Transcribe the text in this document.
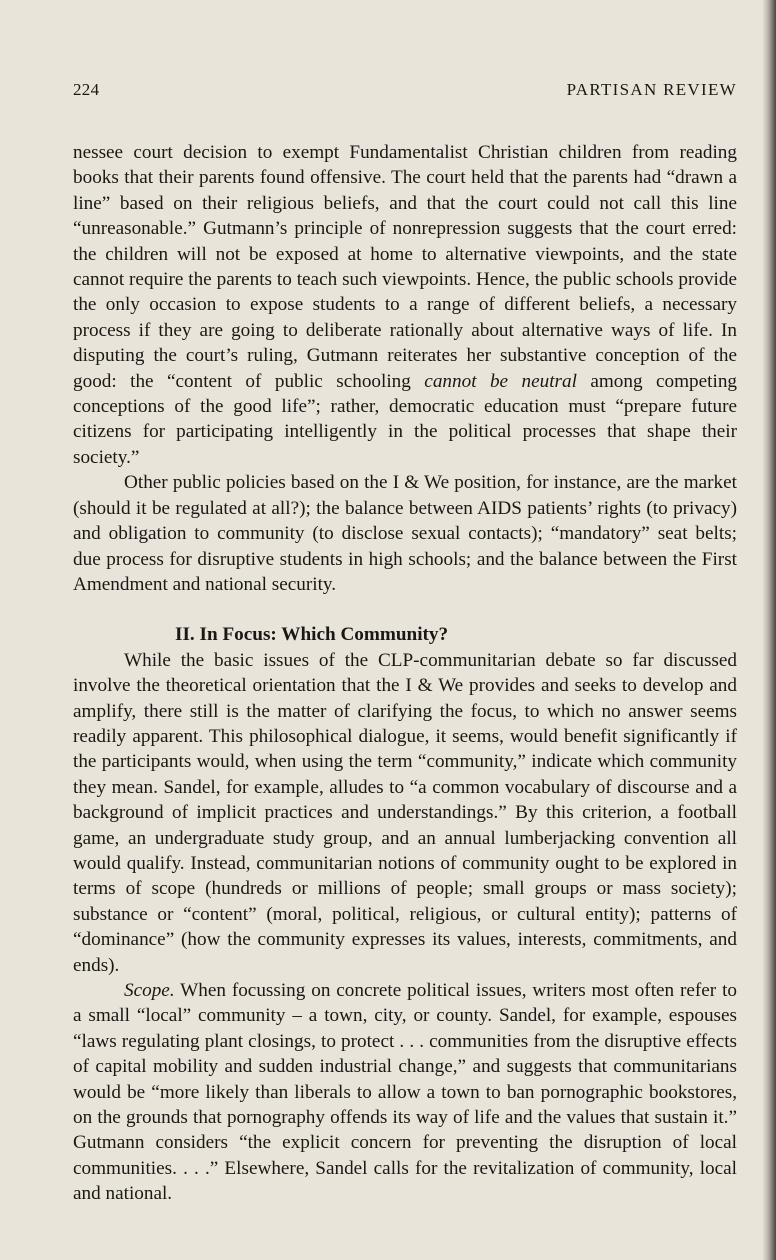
224	PARTISAN REVIEW

nessee court decision to exempt Fundamentalist Christian children from reading books that their parents found offensive. The court held that the parents had “drawn a line” based on their religious beliefs, and that the court could not call this line “unreasonable.” Gutmann’s principle of nonrepression suggests that the court erred: the children will not be exposed at home to alternative viewpoints, and the state cannot require the parents to teach such viewpoints. Hence, the public schools provide the only occasion to expose students to a range of different beliefs, a necessary process if they are going to deliberate rationally about alternative ways of life. In disputing the court’s ruling, Gutmann reiterates her substantive conception of the good: the “content of public schooling cannot be neutral among competing conceptions of the good life”; rather, democratic education must “prepare future citizens for participating intelligently in the political processes that shape their society.”

Other public policies based on the I & We position, for instance, are the market (should it be regulated at all?); the balance between AIDS patients’ rights (to privacy) and obligation to community (to disclose sexual contacts); “mandatory” seat belts; due process for disruptive students in high schools; and the balance between the First Amendment and national security.

II. In Focus: Which Community?

While the basic issues of the CLP-communitarian debate so far discussed involve the theoretical orientation that the I & We provides and seeks to develop and amplify, there still is the matter of clarifying the focus, to which no answer seems readily apparent. This philosophical dialogue, it seems, would benefit significantly if the participants would, when using the term “community,” indicate which community they mean. Sandel, for example, alludes to “a common vocabulary of discourse and a background of implicit practices and understandings.” By this criterion, a football game, an undergraduate study group, and an annual lumberjacking convention all would qualify. Instead, communitarian notions of community ought to be explored in terms of scope (hundreds or millions of people; small groups or mass society); substance or “content” (moral, political, religious, or cultural entity); patterns of “dominance” (how the community expresses its values, interests, commitments, and ends).

Scope. When focussing on concrete political issues, writers most often refer to a small “local” community – a town, city, or county. Sandel, for example, espouses “laws regulating plant closings, to protect . . . communities from the disruptive effects of capital mobility and sudden industrial change,” and suggests that communitarians would be “more likely than liberals to allow a town to ban pornographic bookstores, on the grounds that pornography offends its way of life and the values that sustain it.” Gutmann considers “the explicit concern for preventing the disruption of local communities. . . .” Elsewhere, Sandel calls for the revitalization of community, local and national.
